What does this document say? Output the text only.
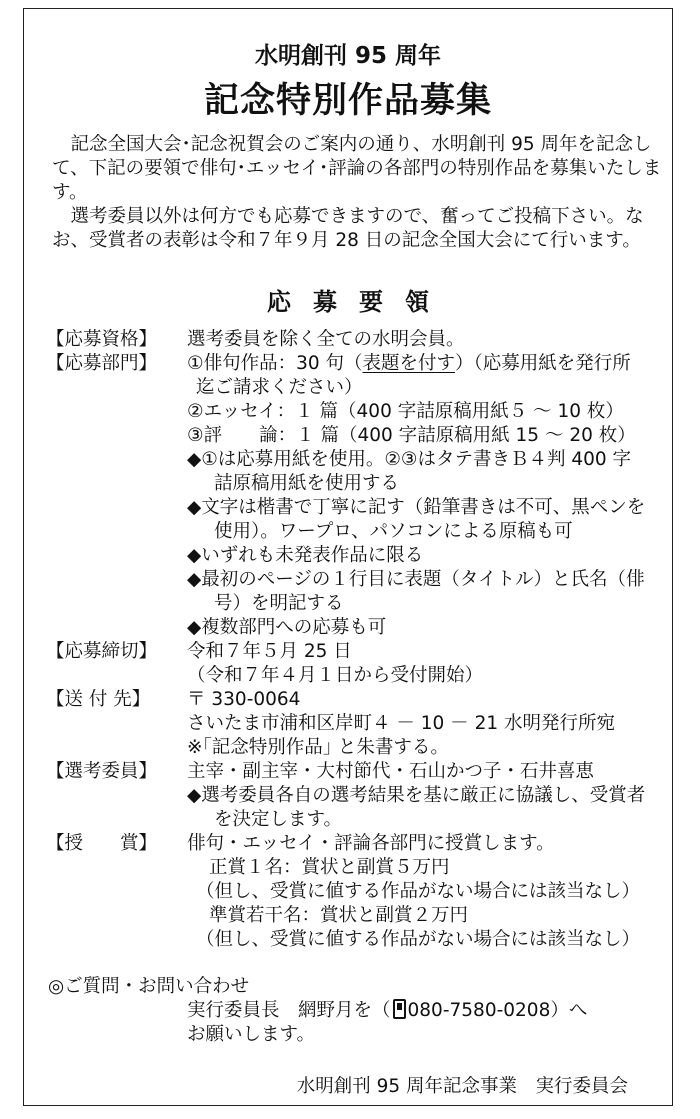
水明創刊 95 周年
記念特別作品募集

記念全国大会･記念祝賀会のご案内の通り、水明創刊 95 周年を記念して、下記の要領で俳句･エッセイ･評論の各部門の特別作品を募集いたします。

選考委員以外は何方でも応募できますので、奮ってご投稿下さい。なお、受賞者の表彰は令和７年９月 28 日の記念全国大会にて行います。

応募要領
【応募資格】 選考委員を除く全ての水明会員。
【応募部門】 ①俳句作品：30 句（表題を付す）（応募用紙を発行所
迄ご請求ください）
②エッセイ：１ 篇（400 字詰原稿用紙５ ～ 10 枚）
③評　　論：１ 篇（400 字詰原稿用紙 15 ～ 20 枚）
◆①は応募用紙を使用。②③はタテ書きＢ４判 400 字
詰原稿用紙を使用する
◆文字は楷書で丁寧に記す（鉛筆書きは不可、黒ペンを
使用）。ワープロ、パソコンによる原稿も可
◆いずれも未発表作品に限る
◆最初のページの１行目に表題（タイトル）と氏名（俳
号）を明記する
◆複数部門への応募も可
【応募締切】 令和７年５月 25 日
（令和７年４月１日から受付開始）
【送 付 先】 〒 330-0064
さいたま市浦和区岸町４ － 10 － 21 水明発行所宛
※｢記念特別作品｣ と朱書する。
【選考委員】 主宰・副主宰・大村節代・石山かつ子・石井喜恵
◆選考委員各自の選考結果を基に厳正に協議し、受賞者
を決定します。
【授　　賞】 俳句・エッセイ・評論各部門に授賞します。
正賞１名：賞状と副賞５万円
（但し、受賞に値する作品がない場合には該当なし）
準賞若干名：賞状と副賞２万円
（但し、受賞に値する作品がない場合には該当なし）
◎ご質問・お問い合わせ
実行委員長　網野月を（ 080-7580-0208）へ
お願いします。
水明創刊 95 周年記念事業　実行委員会
